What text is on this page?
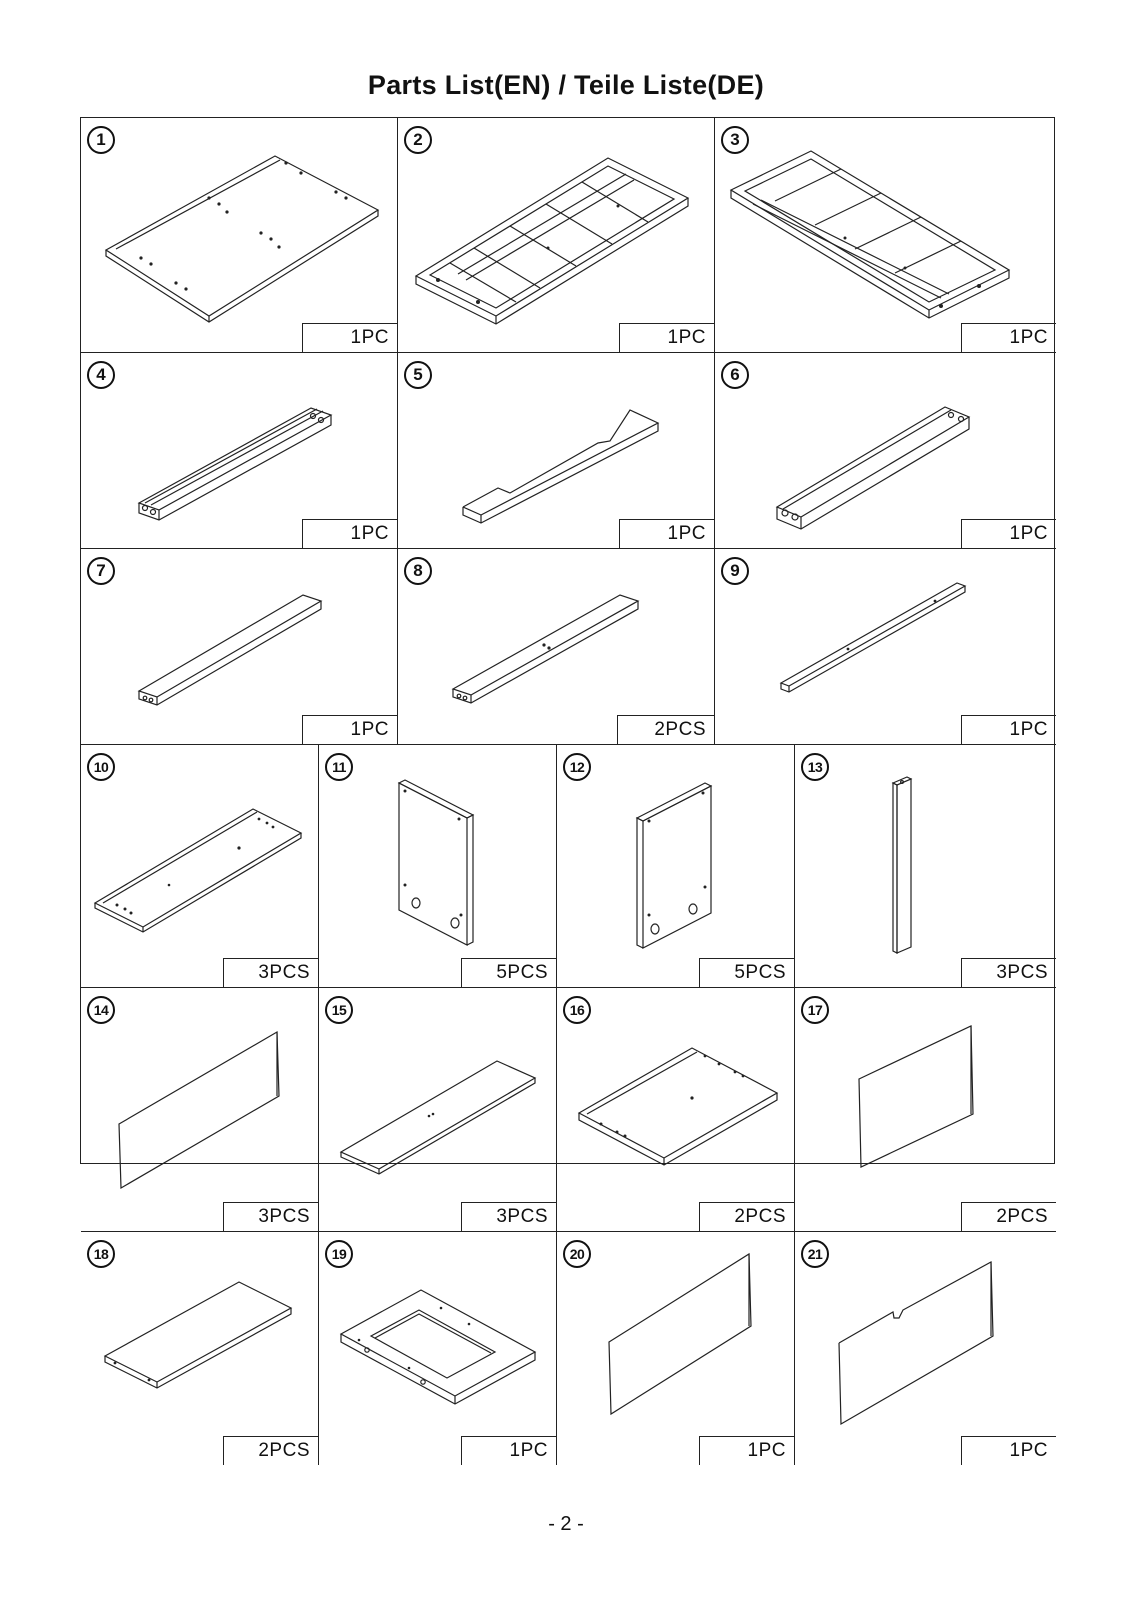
Parts List(EN) / Teile Liste(DE)
1
1PC
2
1PC
3
1PC
4
1PC
5
1PC
6
1PC
7
1PC
8
2PCS
9
1PC
10
3PCS
11
5PCS
12
5PCS
13
3PCS
14
3PCS
15
3PCS
16
2PCS
17
2PCS
18
2PCS
19
1PC
20
1PC
21
1PC
- 2 -
